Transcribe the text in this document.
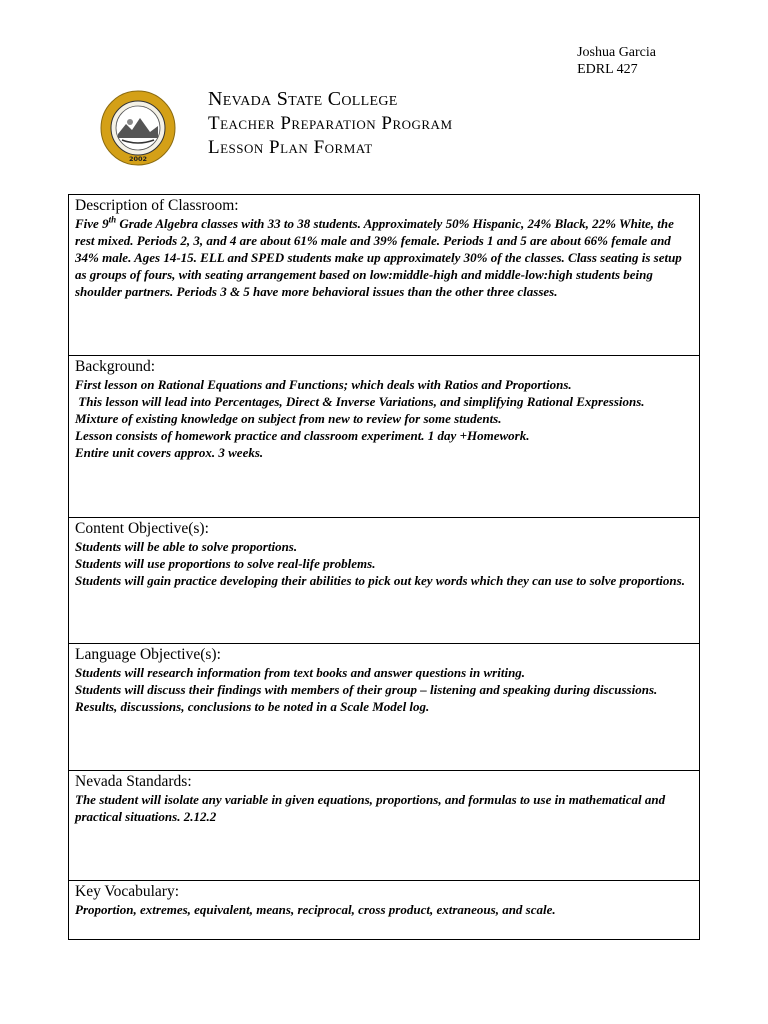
Joshua Garcia
EDRL 427
2002
Nevada State College
Teacher Preparation Program
Lesson Plan Format
Description of Classroom:

Five 9th Grade Algebra classes with 33 to 38 students. Approximately 50% Hispanic, 24% Black, 22% White, the rest mixed. Periods 2, 3, and 4 are about 61% male and 39% female. Periods 1 and 5 are about 66% female and 34% male. Ages 14-15. ELL and SPED students make up approximately 30% of the classes. Class seating is setup as groups of fours, with seating arrangement based on low:middle-high and middle-low:high students being shoulder partners. Periods 3 & 5 have more behavioral issues than the other three classes.

Background:

First lesson on Rational Equations and Functions; which deals with Ratios and Proportions.

This lesson will lead into Percentages, Direct & Inverse Variations, and simplifying Rational Expressions.

Mixture of existing knowledge on subject from new to review for some students.

Lesson consists of homework practice and classroom experiment. 1 day +Homework.

Entire unit covers approx. 3 weeks.

Content Objective(s):

Students will be able to solve proportions.

Students will use proportions to solve real-life problems.

Students will gain practice developing their abilities to pick out key words which they can use to solve proportions.

Language Objective(s):

Students will research information from text books and answer questions in writing.

Students will discuss their findings with members of their group – listening and speaking during discussions.

Results, discussions, conclusions to be noted in a Scale Model log.

Nevada Standards:

The student will isolate any variable in given equations, proportions, and formulas to use in mathematical and practical situations. 2.12.2

Key Vocabulary:

Proportion, extremes, equivalent, means, reciprocal, cross product, extraneous, and scale.
